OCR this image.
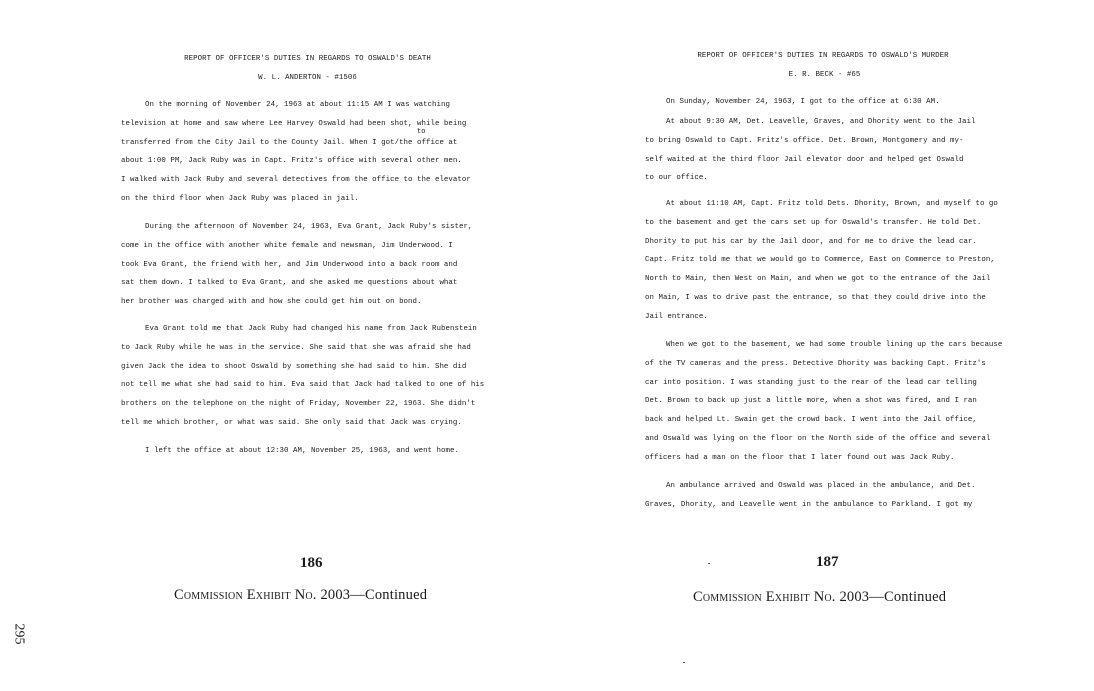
REPORT OF OFFICER'S DUTIES IN REGARDS TO OSWALD'S DEATH
W. L. ANDERTON - #1506
to
On the morning of November 24, 1963 at about 11:15 AM I was watching
television at home and saw where Lee Harvey Oswald had been shot, while being
transferred from the City Jail to the County Jail. When I got/the office at
about 1:00 PM, Jack Ruby was in Capt. Fritz's office with several other men.
I walked with Jack Ruby and several detectives from the office to the elevator
on the third floor when Jack Ruby was placed in jail.
During the afternoon of November 24, 1963, Eva Grant, Jack Ruby's sister,
come in the office with another white female and newsman, Jim Underwood. I
took Eva Grant, the friend with her, and Jim Underwood into a back room and
sat them down. I talked to Eva Grant, and she asked me questions about what
her brother was charged with and how she could get him out on bond.
Eva Grant told me that Jack Ruby had changed his name from Jack Rubenstein
to Jack Ruby while he was in the service. She said that she was afraid she had
given Jack the idea to shoot Oswald by something she had said to him. She did
not tell me what she had said to him. Eva said that Jack had talked to one of his
brothers on the telephone on the night of Friday, November 22, 1963. She didn't
tell me which brother, or what was said. She only said that Jack was crying.
I left the office at about 12:30 AM, November 25, 1963, and went home.
186
Commission Exhibit No. 2003—Continued
REPORT OF OFFICER'S DUTIES IN REGARDS TO OSWALD'S MURDER
E. R. BECK - #65
On Sunday, November 24, 1963, I got to the office at 6:30 AM.
At about 9:30 AM, Det. Leavelle, Graves, and Dhority went to the Jail
to bring Oswald to Capt. Fritz's office. Det. Brown, Montgomery and my-
self waited at the third floor Jail elevator door and helped get Oswald
to our office.
At about 11:10 AM, Capt. Fritz told Dets. Dhority, Brown, and myself to go
to the basement and get the cars set up for Oswald's transfer. He told Det.
Dhority to put his car by the Jail door, and for me to drive the lead car.
Capt. Fritz told me that we would go to Commerce, East on Commerce to Preston,
North to Main, then West on Main, and when we got to the entrance of the Jail
on Main, I was to drive past the entrance, so that they could drive into the
Jail entrance.
When we got to the basement, we had some trouble lining up the cars because
of the TV cameras and the press. Detective Dhority was backing Capt. Fritz's
car into position. I was standing just to the rear of the lead car telling
Det. Brown to back up just a little more, when a shot was fired, and I ran
back and helped Lt. Swain get the crowd back. I went into the Jail office,
and Oswald was lying on the floor on the North side of the office and several
officers had a man on the floor that I later found out was Jack Ruby.
An ambulance arrived and Oswald was placed in the ambulance, and Det.
Graves, Dhority, and Leavelle went in the ambulance to Parkland. I got my
187
Commission Exhibit No. 2003—Continued
295
